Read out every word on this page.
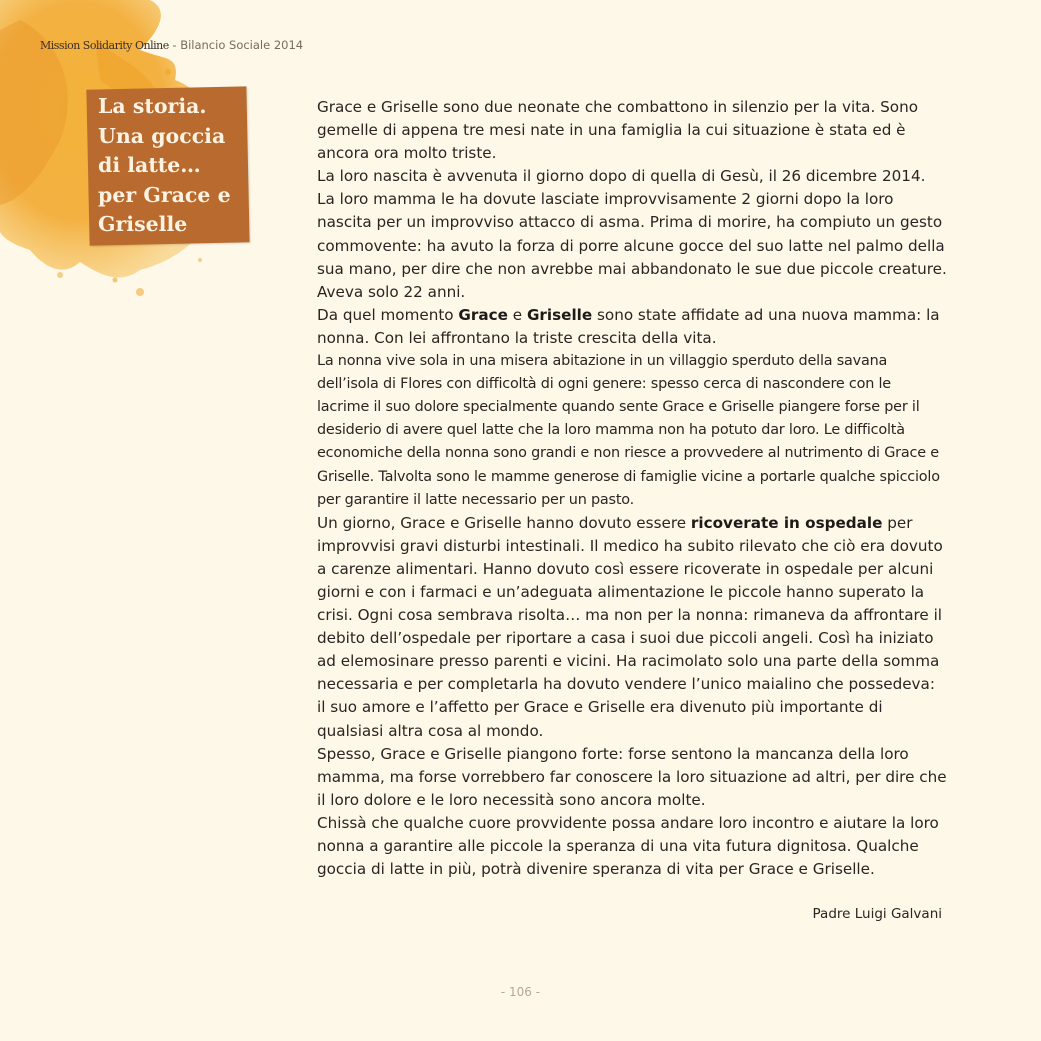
Mission Solidarity Online - Bilancio Sociale 2014
La storia.
Una goccia
di latte…
per Grace e
Griselle

Grace e Griselle sono due neonate che combattono in silenzio per la vita. Sono gemelle di appena tre mesi nate in una famiglia la cui situazione è stata ed è ancora ora molto triste.

La loro nascita è avvenuta il giorno dopo di quella di Gesù, il 26 dicembre 2014. La loro mamma le ha dovute lasciate improvvisamente 2 giorni dopo la loro nascita per un improvviso attacco di asma. Prima di morire, ha compiuto un gesto commovente: ha avuto la forza di porre alcune gocce del suo latte nel palmo della sua mano, per dire che non avrebbe mai abbandonato le sue due piccole creature. Aveva solo 22 anni.

Da quel momento Grace e Griselle sono state affidate ad una nuova mamma: la nonna. Con lei affrontano la triste crescita della vita.

La nonna vive sola in una misera abitazione in un villaggio sperduto della savana dell’isola di Flores con difficoltà di ogni genere: spesso cerca di nascondere con le lacrime il suo dolore specialmente quando sente Grace e Griselle piangere forse per il desiderio di avere quel latte che la loro mamma non ha potuto dar loro. Le difficoltà economiche della nonna sono grandi e non riesce a provvedere al nutrimento di Grace e Griselle. Talvolta sono le mamme generose di famiglie vicine a portarle qualche spicciolo per garantire il latte necessario per un pasto.

Un giorno, Grace e Griselle hanno dovuto essere ricoverate in ospedale per improvvisi gravi disturbi intestinali. Il medico ha subito rilevato che ciò era dovuto a carenze alimentari. Hanno dovuto così essere ricoverate in ospedale per alcuni giorni e con i farmaci e un’adeguata alimentazione le piccole hanno superato la crisi. Ogni cosa sembrava risolta… ma non per la nonna: rimaneva da affrontare il debito dell’ospedale per riportare a casa i suoi due piccoli angeli. Così ha iniziato ad elemosinare presso parenti e vicini. Ha racimolato solo una parte della somma necessaria e per completarla ha dovuto vendere l’unico maialino che possedeva: il suo amore e l’affetto per Grace e Griselle era divenuto più importante di qualsiasi altra cosa al mondo.

Spesso, Grace e Griselle piangono forte: forse sentono la mancanza della loro mamma, ma forse vorrebbero far conoscere la loro situazione ad altri, per dire che il loro dolore e le loro necessità sono ancora molte.

Chissà che qualche cuore provvidente possa andare loro incontro e aiutare la loro nonna a garantire alle piccole la speranza di una vita futura dignitosa. Qualche goccia di latte in più, potrà divenire speranza di vita per Grace e Griselle.

Padre Luigi Galvani
- 106 -
